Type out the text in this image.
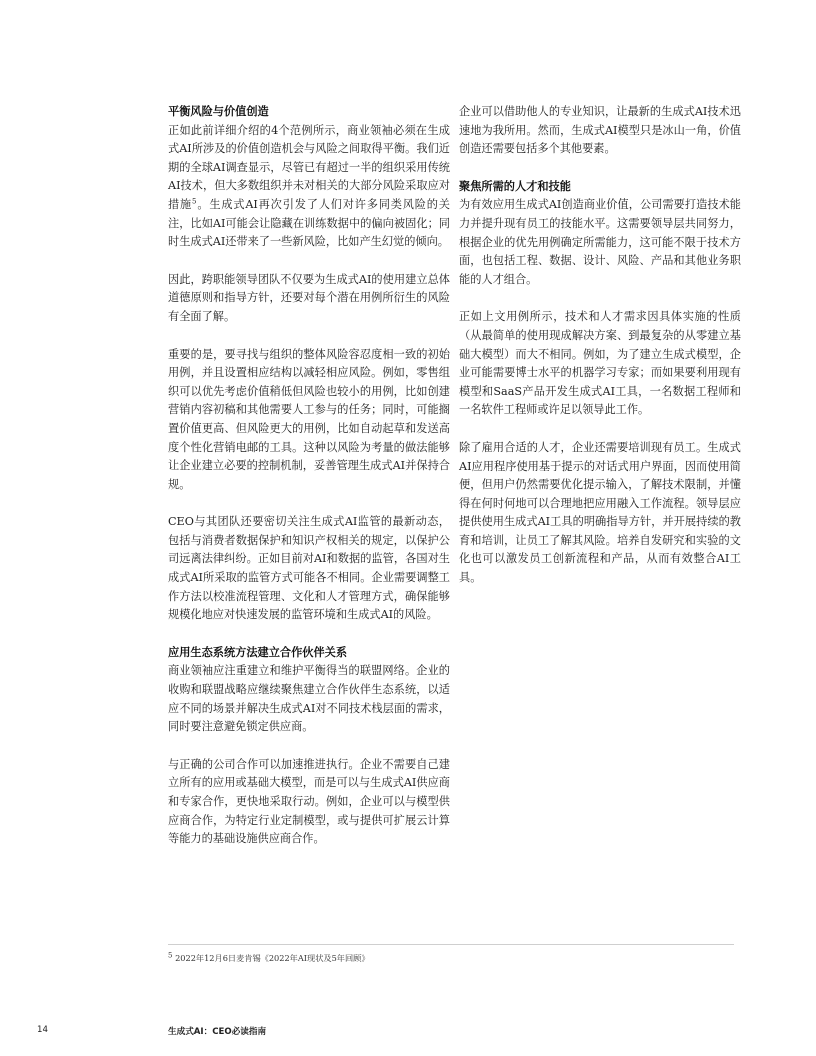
平衡风险与价值创造

正如此前详细介绍的4个范例所示，商业领袖必须在生成式AI所涉及的价值创造机会与风险之间取得平衡。我们近期的全球AI调查显示，尽管已有超过一半的组织采用传统AI技术，但大多数组织并未对相关的大部分风险采取应对措施$^5$。生成式AI再次引发了人们对许多同类风险的关注，比如AI可能会让隐藏在训练数据中的偏向被固化；同时生成式AI还带来了一些新风险，比如产生幻觉的倾向。

因此，跨职能领导团队不仅要为生成式AI的使用建立总体道德原则和指导方针，还要对每个潜在用例所衍生的风险有全面了解。

重要的是，要寻找与组织的整体风险容忍度相一致的初始用例，并且设置相应结构以减轻相应风险。例如，零售组织可以优先考虑价值稍低但风险也较小的用例，比如创建营销内容初稿和其他需要人工参与的任务；同时，可能搁置价值更高、但风险更大的用例，比如自动起草和发送高度个性化营销电邮的工具。这种以风险为考量的做法能够让企业建立必要的控制机制，妥善管理生成式AI并保持合规。

CEO与其团队还要密切关注生成式AI监管的最新动态，包括与消费者数据保护和知识产权相关的规定，以保护公司远离法律纠纷。正如目前对AI和数据的监管，各国对生成式AI所采取的监管方式可能各不相同。企业需要调整工作方法以校准流程管理、文化和人才管理方式，确保能够规模化地应对快速发展的监管环境和生成式AI的风险。

应用生态系统方法建立合作伙伴关系

商业领袖应注重建立和维护平衡得当的联盟网络。企业的收购和联盟战略应继续聚焦建立合作伙伴生态系统，以适应不同的场景并解决生成式AI对不同技术栈层面的需求，同时要注意避免锁定供应商。

与正确的公司合作可以加速推进执行。企业不需要自己建立所有的应用或基础大模型，而是可以与生成式AI供应商和专家合作，更快地采取行动。例如，企业可以与模型供应商合作，为特定行业定制模型，或与提供可扩展云计算等能力的基础设施供应商合作。

企业可以借助他人的专业知识，让最新的生成式AI技术迅速地为我所用。然而，生成式AI模型只是冰山一角，价值创造还需要包括多个其他要素。

聚焦所需的人才和技能

为有效应用生成式AI创造商业价值，公司需要打造技术能力并提升现有员工的技能水平。这需要领导层共同努力，根据企业的优先用例确定所需能力，这可能不限于技术方面，也包括工程、数据、设计、风险、产品和其他业务职能的人才组合。

正如上文用例所示，技术和人才需求因具体实施的性质（从最简单的使用现成解决方案、到最复杂的从零建立基础大模型）而大不相同。例如，为了建立生成式模型，企业可能需要博士水平的机器学习专家；而如果要利用现有模型和SaaS产品开发生成式AI工具，一名数据工程师和一名软件工程师或许足以领导此工作。

除了雇用合适的人才，企业还需要培训现有员工。生成式AI应用程序使用基于提示的对话式用户界面，因而使用简便，但用户仍然需要优化提示输入，了解技术限制，并懂得在何时何地可以合理地把应用融入工作流程。领导层应提供使用生成式AI工具的明确指导方针，并开展持续的教育和培训，让员工了解其风险。培养自发研究和实验的文化也可以激发员工创新流程和产品，从而有效整合AI工具。

$^5$ 2022年12月6日麦肯锡《2022年AI现状及5年回顾》
14	生成式AI：CEO必读指南
